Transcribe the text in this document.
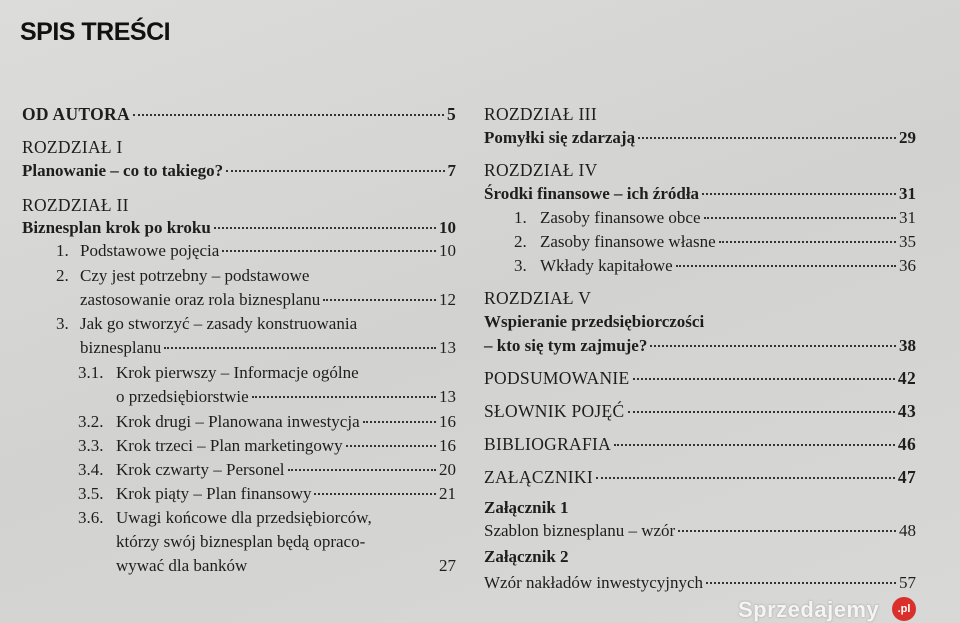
SPIS TREŚCI
OD AUTORA	5
ROZDZIAŁ I
Planowanie – co to takiego?	7
ROZDZIAŁ II
Biznesplan krok po kroku	10
1. Podstawowe pojęcia	10
2. Czy jest potrzebny – podstawowe
zastosowanie oraz rola biznesplanu	12
3. Jak go stworzyć – zasady konstruowania
biznesplanu	13
3.1. Krok pierwszy – Informacje ogólne
o przedsiębiorstwie	13
3.2. Krok drugi – Planowana inwestycja	16
3.3. Krok trzeci – Plan marketingowy	16
3.4. Krok czwarty – Personel	20
3.5. Krok piąty – Plan finansowy	21
3.6. Uwagi końcowe dla przedsiębiorców,
którzy swój biznesplan będą opraco-
wywać dla banków	27
ROZDZIAŁ III
Pomyłki się zdarzają	29
ROZDZIAŁ IV
Środki finansowe – ich źródła	31
1. Zasoby finansowe obce	31
2. Zasoby finansowe własne	35
3. Wkłady kapitałowe	36
ROZDZIAŁ V
Wspieranie przedsiębiorczości
– kto się tym zajmuje?	38
PODSUMOWANIE	42
SŁOWNIK POJĘĆ	43
BIBLIOGRAFIA	46
ZAŁĄCZNIKI	47
Załącznik 1
Szablon biznesplanu – wzór	48
Załącznik 2
Wzór nakładów inwestycyjnych	57
Sprzedajemy	.pl
